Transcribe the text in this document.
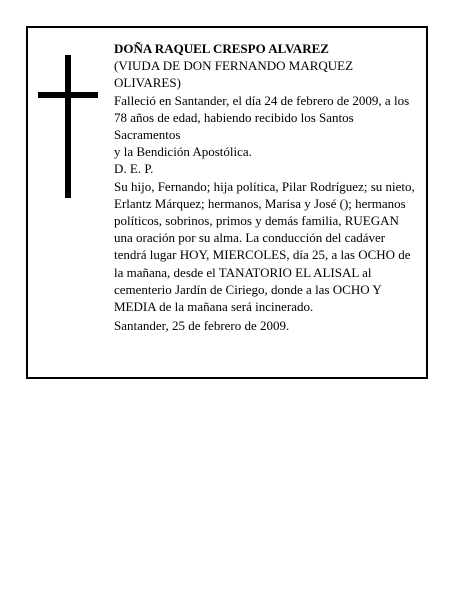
DOÑA RAQUEL CRESPO ALVAREZ
(VIUDA DE DON FERNANDO MARQUEZ OLIVARES)
Falleció en Santander, el día 24 de febrero de 2009, a los 78 años de edad, habiendo recibido los Santos Sacramentos
y la Bendición Apostólica.
D. E. P.
Su hijo, Fernando; hija política, Pilar Rodríguez; su nieto, Erlantz Márquez; hermanos, Marisa y José (); hermanos políticos, sobrinos, primos y demás familia, RUEGAN una oración por su alma. La conducción del cadáver tendrá lugar HOY, MIERCOLES, día 25, a las OCHO de la mañana, desde el TANATORIO EL ALISAL al cementerio Jardín de Ciriego, donde a las OCHO Y MEDIA de la mañana será incinerado.
Santander, 25 de febrero de 2009.
